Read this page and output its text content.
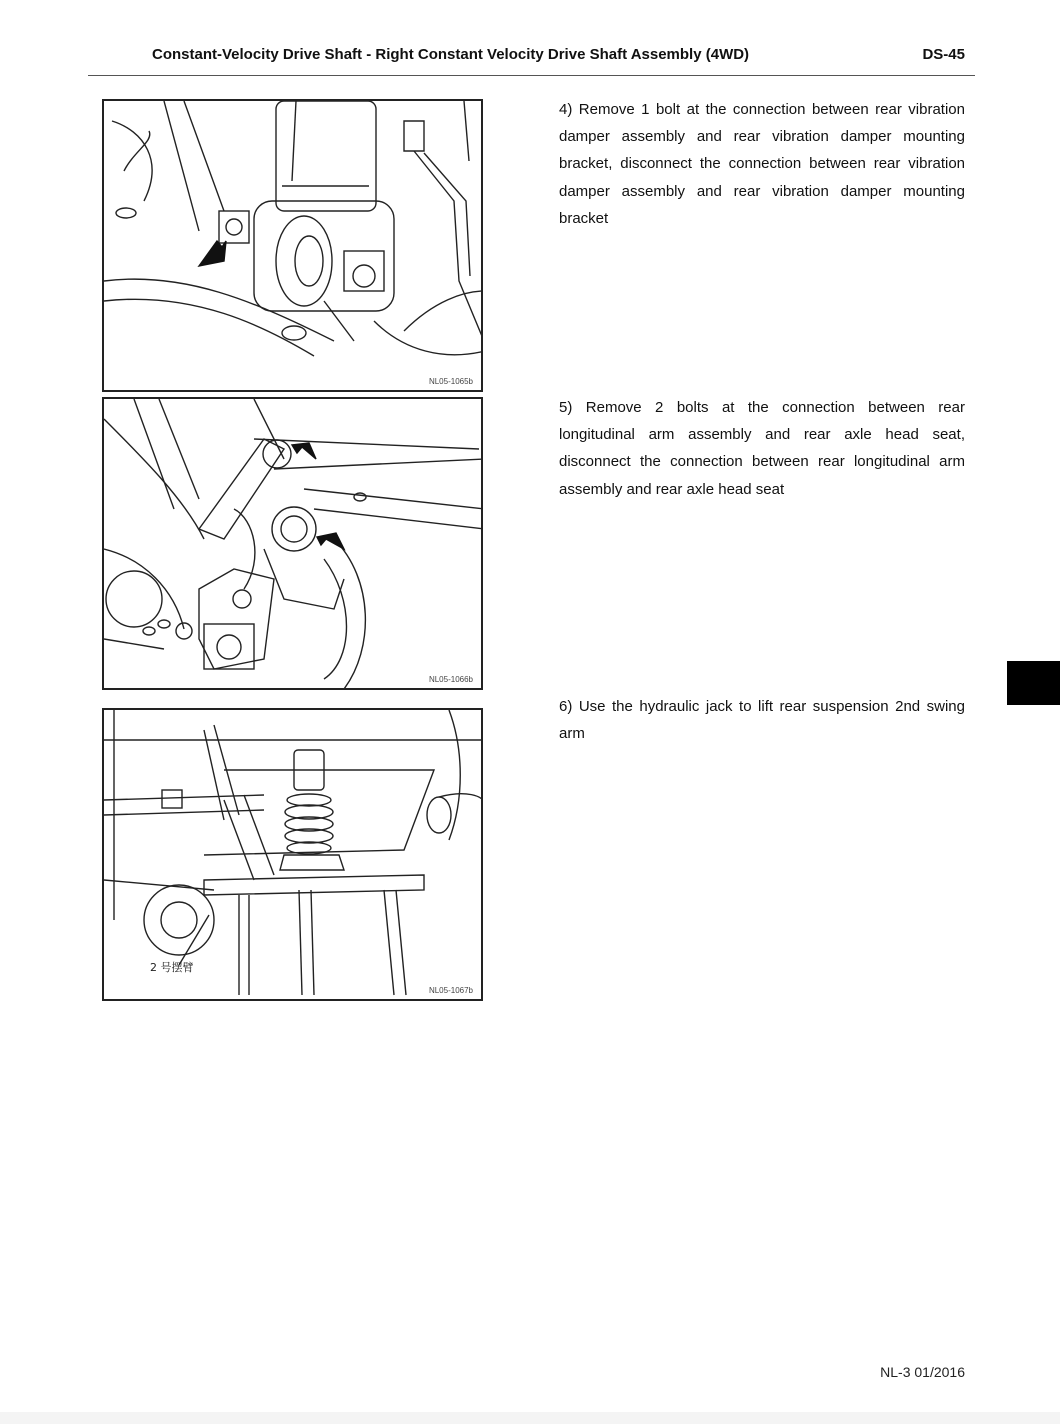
Constant-Velocity Drive Shaft - Right Constant Velocity Drive Shaft Assembly (4WD)	DS-45
NL05-1065b
NL05-1066b
2 号摆臂
NL05-1067b
4) Remove 1 bolt at the connection between rear vibration damper assembly and rear vibration damper mounting bracket, disconnect the connection between rear vibration damper assembly and rear vibration damper mounting bracket
5) Remove 2 bolts at the connection between rear longitudinal arm assembly and rear axle head seat, disconnect the connection between rear longitudinal arm assembly and rear axle head seat
6) Use the hydraulic jack to lift rear suspension 2nd swing arm
NL-3 01/2016
